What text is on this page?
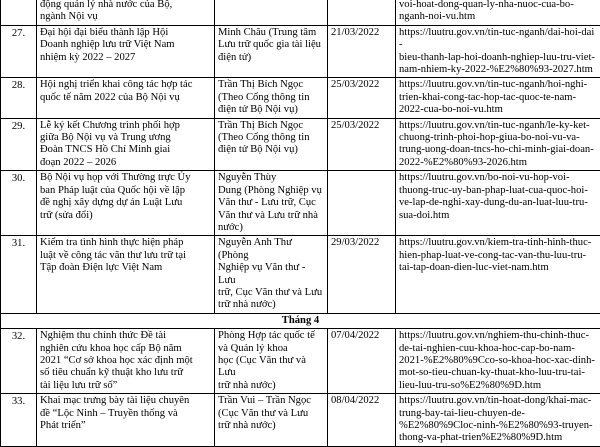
	động quản lý nhà nước của Bộ,
ngành Nội vụ			voi-hoat-dong-quan-ly-nha-nuoc-cua-bo-
nganh-noi-vu.htm

27.	Đại hội đại biểu thành lập Hội
Doanh nghiệp lưu trữ Việt Nam
nhiệm kỳ 2022 – 2027	Minh Châu (Trung tâm
Lưu trữ quốc gia tài liệu
điện tử)	21/03/2022	https://luutru.gov.vn/tin-tuc-nganh/dai-hoi-dai-
bieu-thanh-lap-hoi-doanh-nghiep-luu-tru-viet-
nam-nhiem-ky-2022-%E2%80%93-2027.htm

28.	Hội nghị triển khai công tác hợp tác
quốc tế năm 2022 của Bộ Nội vụ	Trần Thị Bích Ngọc
(Theo Cổng thông tin
điện tử Bộ Nội vụ)	25/03/2022	https://luutru.gov.vn/tin-tuc-nganh/hoi-nghi-
trien-khai-cong-tac-hop-tac-quoc-te-nam-
2022-cua-bo-noi-vu.htm

29.	Lễ ký kết Chương trình phối hợp
giữa Bộ Nội vụ và Trung ương
Đoàn TNCS Hồ Chí Minh giai
đoạn 2022 – 2026	Trần Thị Bích Ngọc
(Theo Cổng thông tin
điện tử Bộ Nội vụ)	25/03/2022	https://luutru.gov.vn/tin-tuc-nganh/le-ky-ket-
chuong-trinh-phoi-hop-giua-bo-noi-vu-va-
trung-uong-doan-tncs-ho-chi-minh-giai-doan-
2022-%E2%80%93-2026.htm

30.	Bộ Nội vụ họp với Thường trực Ủy
ban Pháp luật của Quốc hội về lập
đề nghị xây dựng dự án Luật Lưu
trữ (sửa đổi)	Nguyễn Thùy
Dung (Phòng Nghiệp vụ
Văn thư - Lưu trữ, Cục
Văn thư và Lưu trữ nhà
nước)		https://luutru.gov.vn/bo-noi-vu-hop-voi-
thuong-truc-uy-ban-phap-luat-cua-quoc-hoi-
ve-lap-de-nghi-xay-dung-du-an-luat-luu-tru-
sua-doi.htm

31.	Kiểm tra tình hình thực hiện pháp
luật về công tác văn thư lưu trữ tại
Tập đoàn Điện lực Việt Nam	Nguyễn Anh Thư (Phòng
Nghiệp vụ Văn thư - Lưu
trữ, Cục Văn thư và Lưu
trữ nhà nước)	29/03/2022	https://luutru.gov.vn/kiem-tra-tinh-hinh-thuc-
hien-phap-luat-ve-cong-tac-van-thu-luu-tru-
tai-tap-doan-dien-luc-viet-nam.htm

Tháng 4				
32.	Nghiệm thu chính thức Đề tài
nghiên cứu khoa học cấp Bộ năm
2021 “Cơ sở khoa học xác định một
số tiêu chuẩn kỹ thuật kho lưu trữ
tài liệu lưu trữ số”	Phòng Hợp tác quốc tế
và Quản lý khoa
học (Cục Văn thư và Lưu
trữ nhà nước)	07/04/2022	https://luutru.gov.vn/nghiem-thu-chinh-thuc-
de-tai-nghien-cuu-khoa-hoc-cap-bo-nam-
2021-%E2%80%9Cco-so-khoa-hoc-xac-dinh-
mot-so-tieu-chuan-ky-thuat-kho-luu-tru-tai-
lieu-luu-tru-so%E2%80%9D.htm

33.	Khai mạc trưng bày tài liệu chuyên
đề “Lộc Ninh – Truyền thống và
Phát triển”	Trần Vui – Trần Ngọc
(Cục Văn thư và Lưu
trữ nhà nước)	08/04/2022	https://luutru.gov.vn/tin-hoat-dong/khai-mac-
trung-bay-tai-lieu-chuyen-de-
%E2%80%9Cloc-ninh-%E2%80%93-truyen-
thong-va-phat-trien%E2%80%9D.htm
